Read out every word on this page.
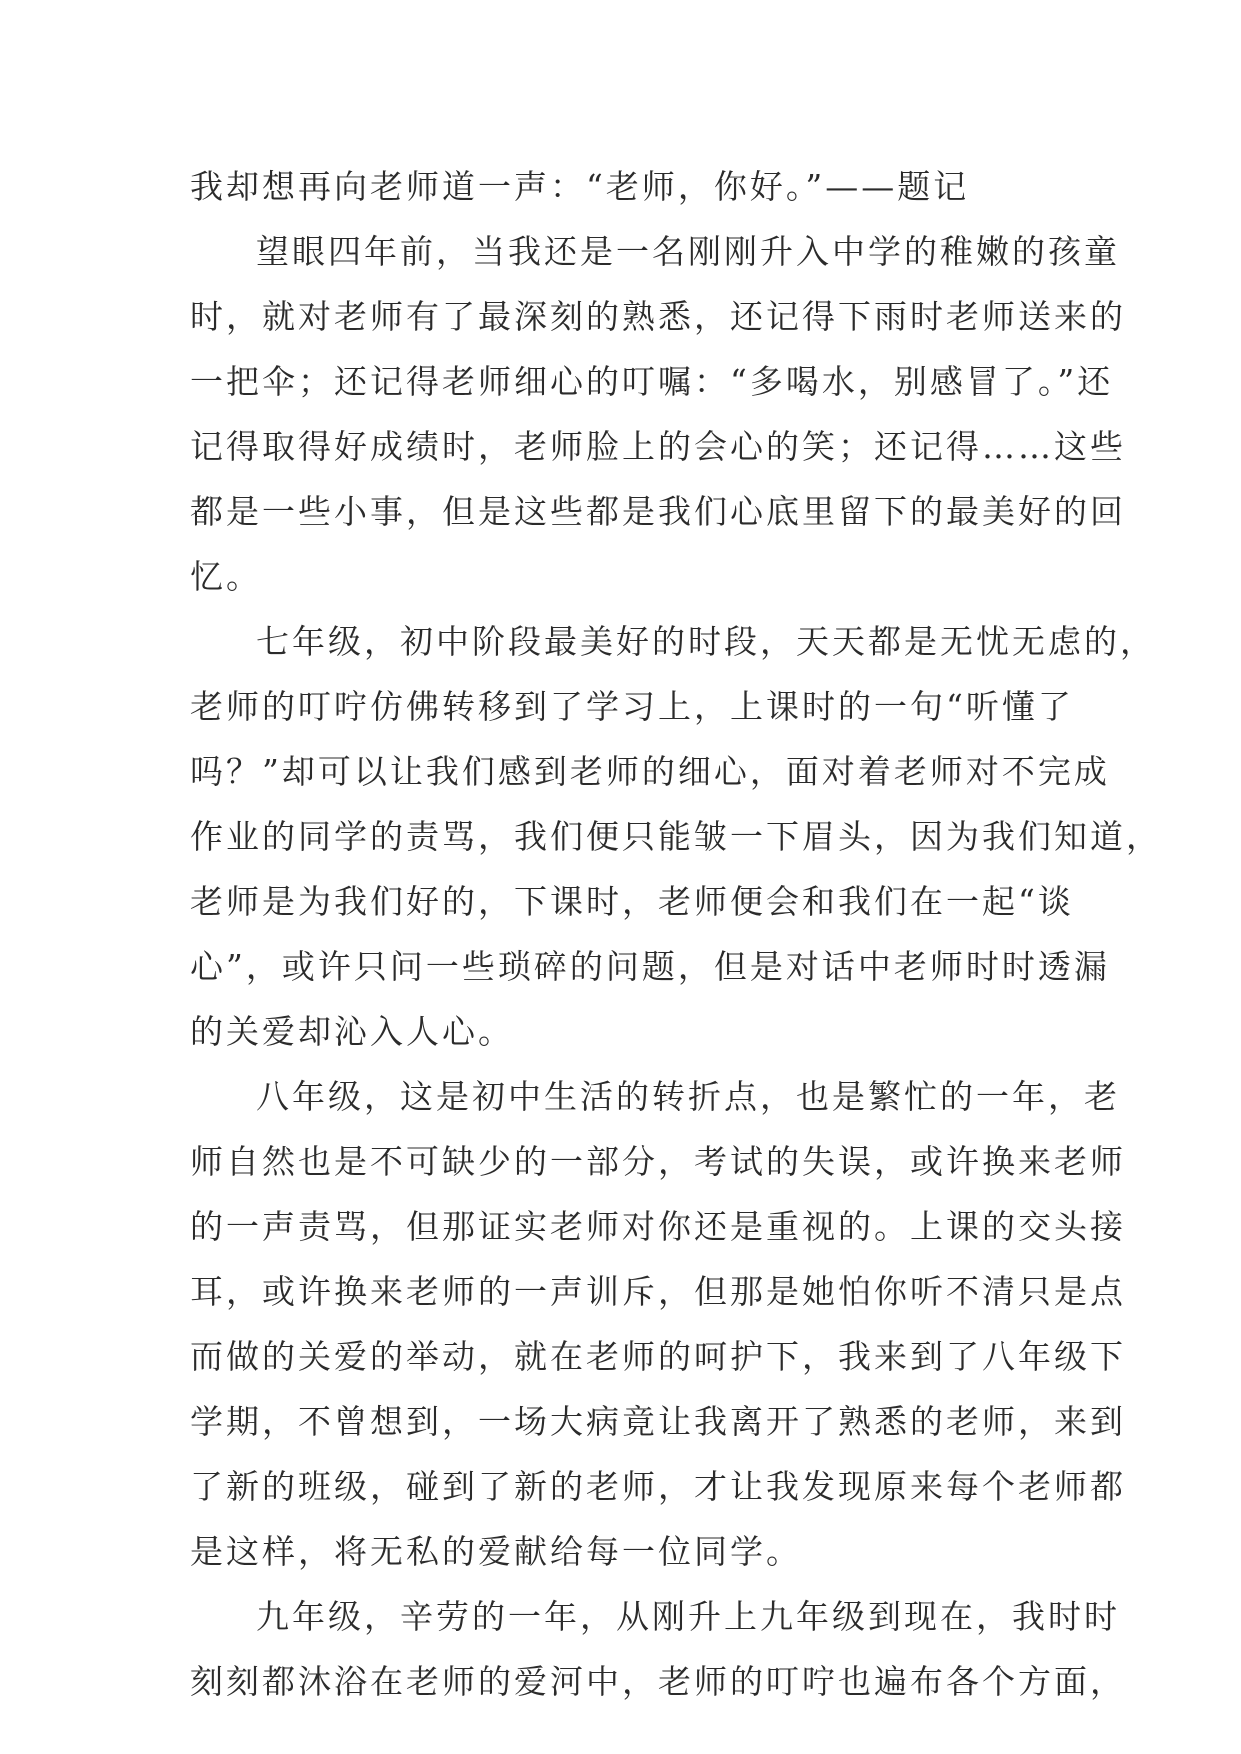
我却想再向老师道一声：“老师，你好。”——题记
望眼四年前，当我还是一名刚刚升入中学的稚嫩的孩童
时，就对老师有了最深刻的熟悉，还记得下雨时老师送来的
一把伞；还记得老师细心的叮嘱：“多喝水，别感冒了。”还
记得取得好成绩时，老师脸上的会心的笑；还记得……这些
都是一些小事，但是这些都是我们心底里留下的最美好的回
忆。
七年级，初中阶段最美好的时段，天天都是无忧无虑的，
老师的叮咛仿佛转移到了学习上，上课时的一句“听懂了
吗？”却可以让我们感到老师的细心，面对着老师对不完成
作业的同学的责骂，我们便只能皱一下眉头，因为我们知道，
老师是为我们好的，下课时，老师便会和我们在一起“谈
心”，或许只问一些琐碎的问题，但是对话中老师时时透漏
的关爱却沁入人心。
八年级，这是初中生活的转折点，也是繁忙的一年，老
师自然也是不可缺少的一部分，考试的失误，或许换来老师
的一声责骂，但那证实老师对你还是重视的。上课的交头接
耳，或许换来老师的一声训斥，但那是她怕你听不清只是点
而做的关爱的举动，就在老师的呵护下，我来到了八年级下
学期，不曾想到，一场大病竟让我离开了熟悉的老师，来到
了新的班级，碰到了新的老师，才让我发现原来每个老师都
是这样，将无私的爱献给每一位同学。
九年级，辛劳的一年，从刚升上九年级到现在，我时时
刻刻都沐浴在老师的爱河中，老师的叮咛也遍布各个方面，
